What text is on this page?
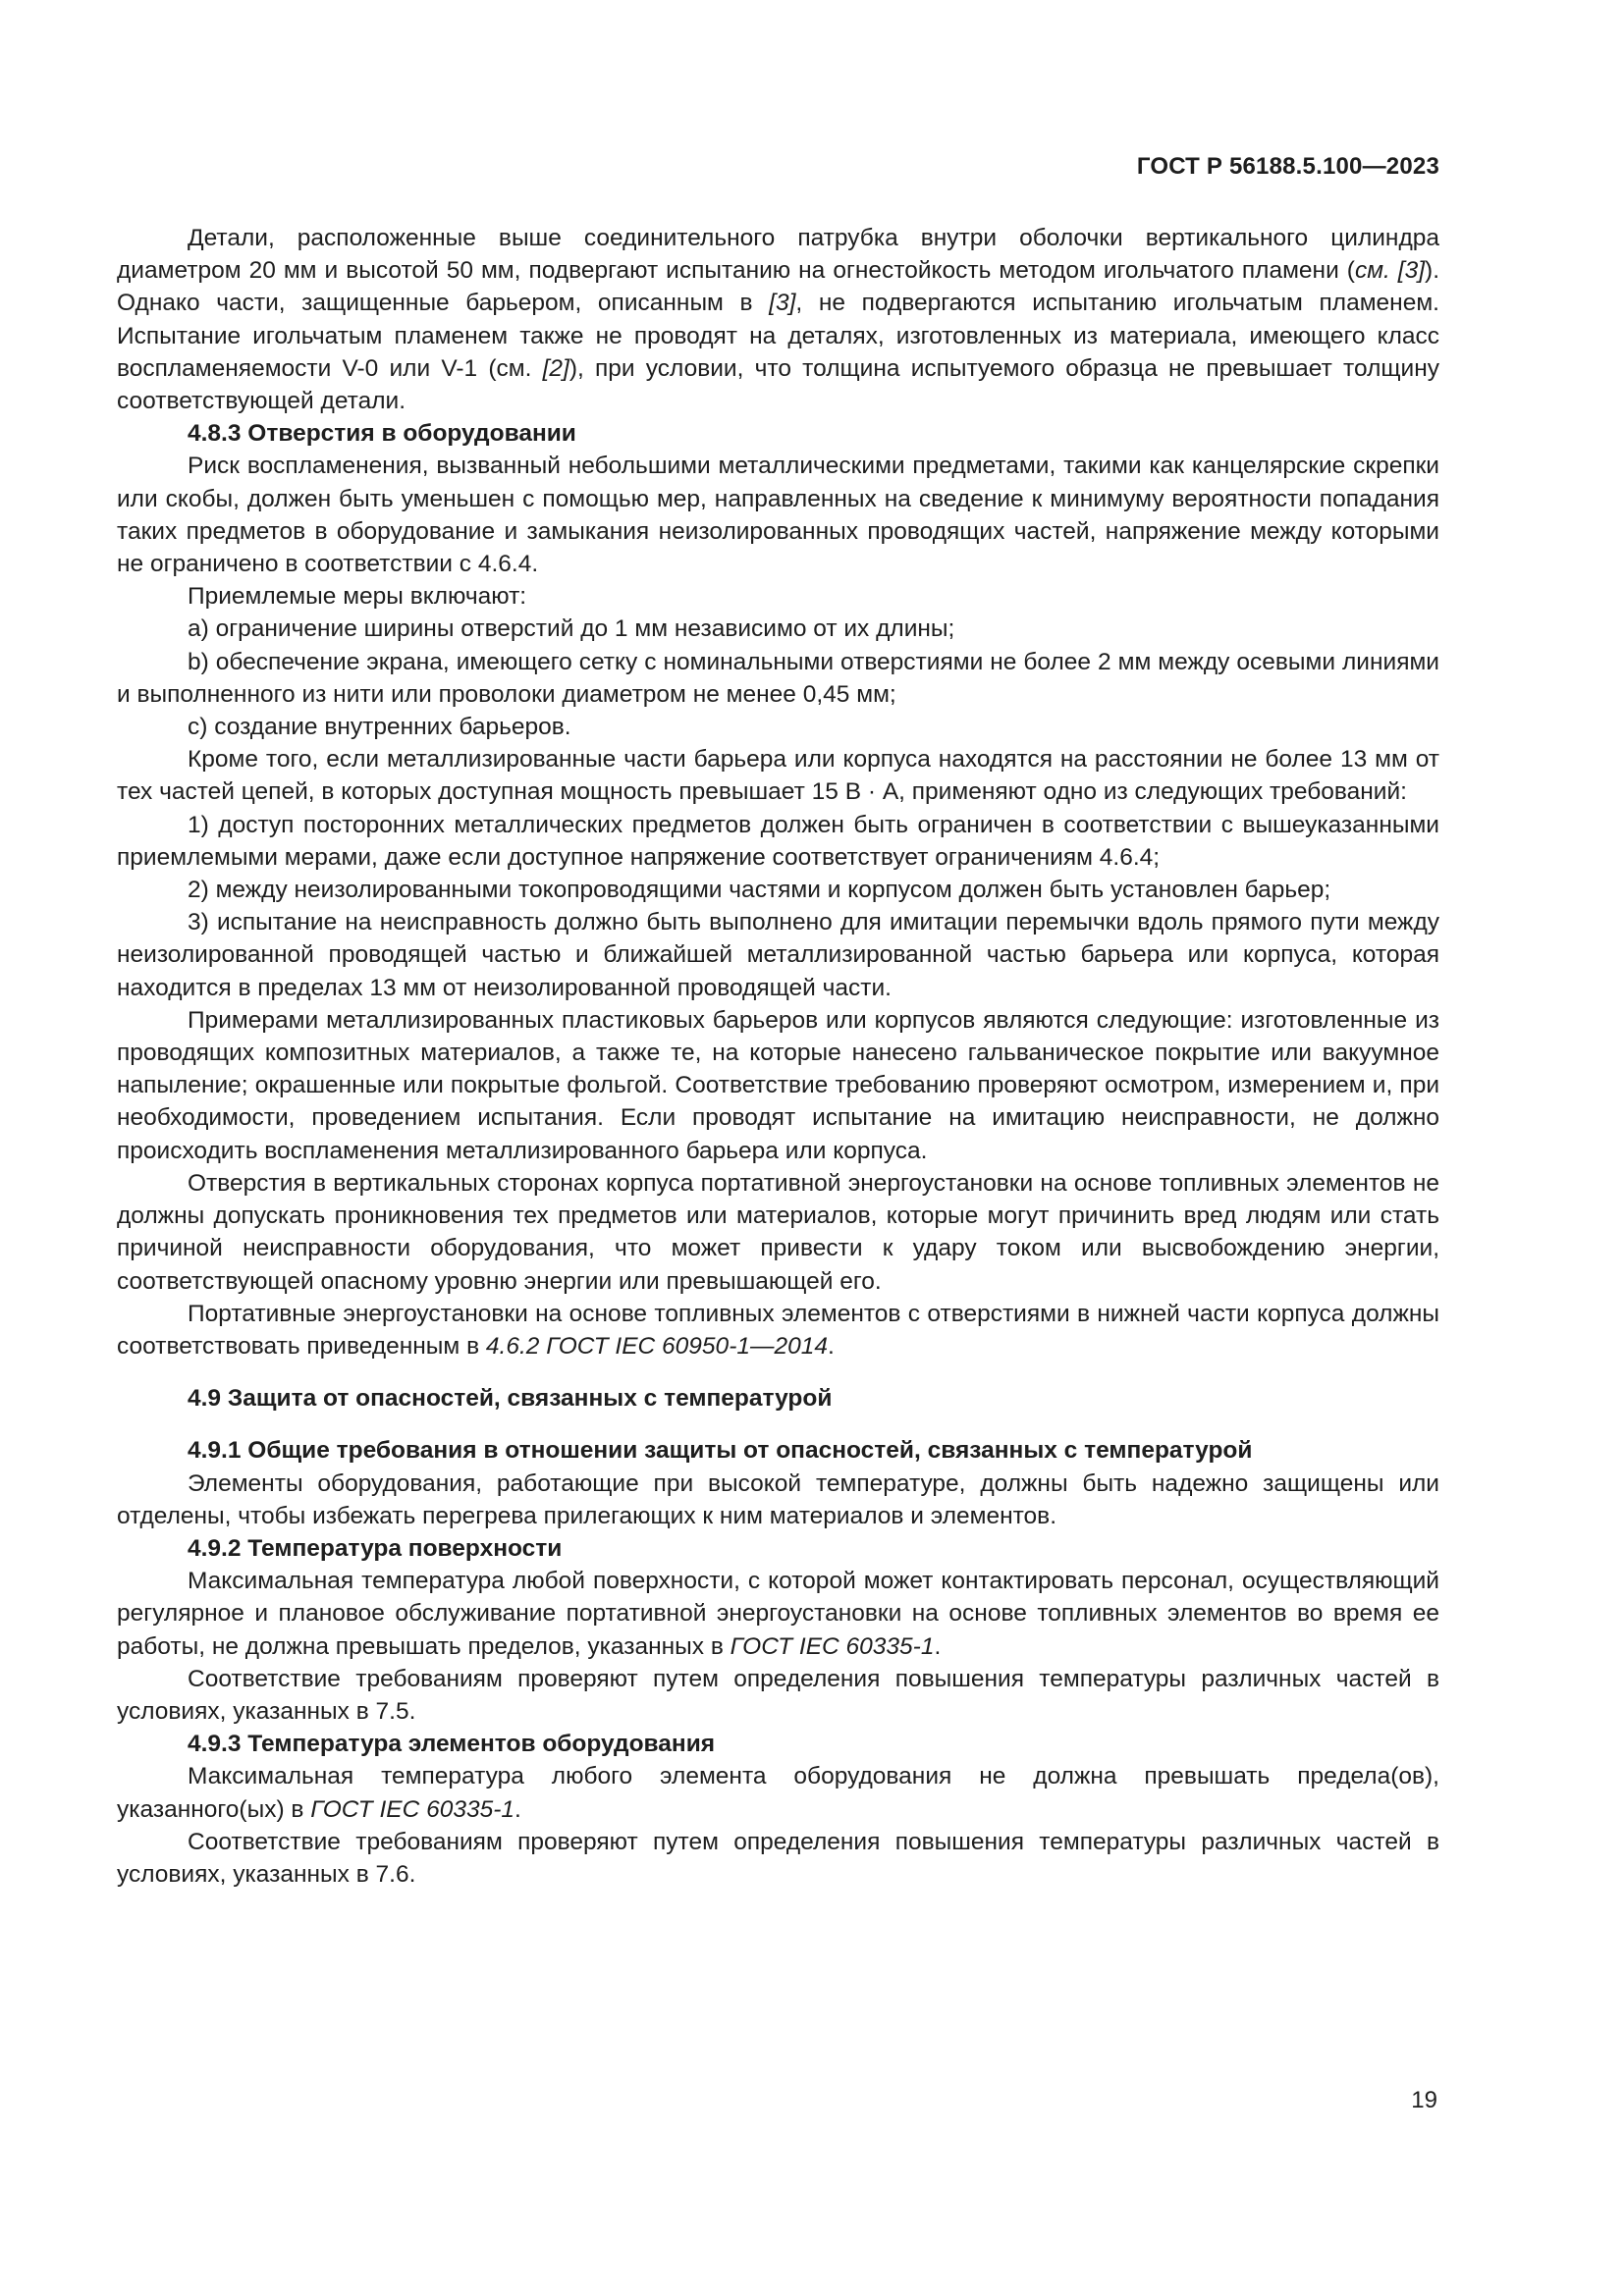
ГОСТ Р 56188.5.100—2023

Детали, расположенные выше соединительного патрубка внутри оболочки вертикального цилиндра диаметром 20 мм и высотой 50 мм, подвергают испытанию на огнестойкость методом игольчатого пламени (см. [3]). Однако части, защищенные барьером, описанным в [3], не подвергаются испытанию игольчатым пламенем. Испытание игольчатым пламенем также не проводят на деталях, изготовленных из материала, имеющего класс воспламеняемости V-0 или V-1 (см. [2]), при условии, что толщина испытуемого образца не превышает толщину соответствующей детали.

4.8.3 Отверстия в оборудовании

Риск воспламенения, вызванный небольшими металлическими предметами, такими как канцелярские скрепки или скобы, должен быть уменьшен с помощью мер, направленных на сведение к минимуму вероятности попадания таких предметов в оборудование и замыкания неизолированных проводящих частей, напряжение между которыми не ограничено в соответствии с 4.6.4.

Приемлемые меры включают:

a) ограничение ширины отверстий до 1 мм независимо от их длины;

b) обеспечение экрана, имеющего сетку с номинальными отверстиями не более 2 мм между осевыми линиями и выполненного из нити или проволоки диаметром не менее 0,45 мм;

c) создание внутренних барьеров.

Кроме того, если металлизированные части барьера или корпуса находятся на расстоянии не более 13 мм от тех частей цепей, в которых доступная мощность превышает 15 В · А, применяют одно из следующих требований:

1) доступ посторонних металлических предметов должен быть ограничен в соответствии с вышеуказанными приемлемыми мерами, даже если доступное напряжение соответствует ограничениям 4.6.4;

2) между неизолированными токопроводящими частями и корпусом должен быть установлен барьер;

3) испытание на неисправность должно быть выполнено для имитации перемычки вдоль прямого пути между неизолированной проводящей частью и ближайшей металлизированной частью барьера или корпуса, которая находится в пределах 13 мм от неизолированной проводящей части.

Примерами металлизированных пластиковых барьеров или корпусов являются следующие: изготовленные из проводящих композитных материалов, а также те, на которые нанесено гальваническое покрытие или вакуумное напыление; окрашенные или покрытые фольгой. Соответствие требованию проверяют осмотром, измерением и, при необходимости, проведением испытания. Если проводят испытание на имитацию неисправности, не должно происходить воспламенения металлизированного барьера или корпуса.

Отверстия в вертикальных сторонах корпуса портативной энергоустановки на основе топливных элементов не должны допускать проникновения тех предметов или материалов, которые могут причинить вред людям или стать причиной неисправности оборудования, что может привести к удару током или высвобождению энергии, соответствующей опасному уровню энергии или превышающей его.

Портативные энергоустановки на основе топливных элементов с отверстиями в нижней части корпуса должны соответствовать приведенным в 4.6.2 ГОСТ IEC 60950-1—2014.

4.9 Защита от опасностей, связанных с температурой

4.9.1 Общие требования в отношении защиты от опасностей, связанных с температурой

Элементы оборудования, работающие при высокой температуре, должны быть надежно защищены или отделены, чтобы избежать перегрева прилегающих к ним материалов и элементов.

4.9.2 Температура поверхности

Максимальная температура любой поверхности, с которой может контактировать персонал, осуществляющий регулярное и плановое обслуживание портативной энергоустановки на основе топливных элементов во время ее работы, не должна превышать пределов, указанных в ГОСТ IEC 60335-1.

Соответствие требованиям проверяют путем определения повышения температуры различных частей в условиях, указанных в 7.5.

4.9.3 Температура элементов оборудования

Максимальная температура любого элемента оборудования не должна превышать предела(ов), указанного(ых) в ГОСТ IEC 60335-1.

Соответствие требованиям проверяют путем определения повышения температуры различных частей в условиях, указанных в 7.6.

19
